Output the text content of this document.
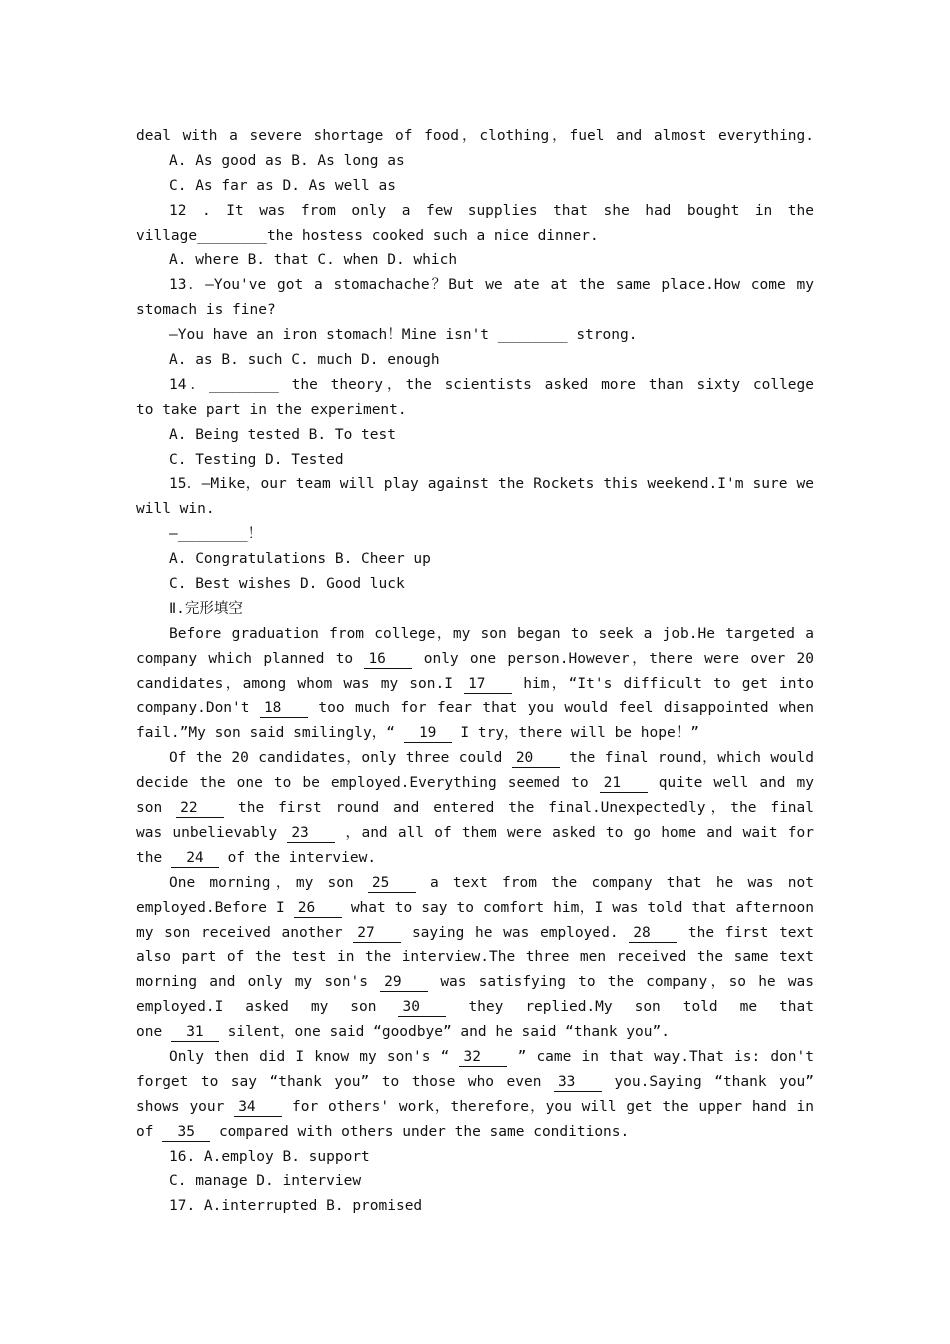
deal with a severe shortage of food，clothing，fuel and almost everything.
A. As good as B. As long as
C. As far as D. As well as
12 . It was from only a few supplies that she had bought in the
village________the hostess cooked such a nice dinner.
A. where B. that C. when D. which
13．—You've got a stomachache？But we ate at the same place.How come my
stomach is fine?
—You have an iron stomach！Mine isn't ________ strong.
A. as B. such C. much D. enough
14．________ the theory，the scientists asked more than sixty college
to take part in the experiment.
A. Being tested B. To test
C. Testing D. Tested
15．—Mike，our team will play against the Rockets this weekend.I'm sure we
will win.
—________！
A. Congratulations B. Cheer up
C. Best wishes D. Good luck
Ⅱ.完形填空
Before graduation from college，my son began to seek a job.He targeted a
company which planned to 16	only one person.However，there were over 20
candidates，among whom was my son.I 17	him，“It's difficult to get into
company.Don't 18	too much for fear that you would feel disappointed when
fail.”My son said smilingly，“ 19 I try，there will be hope！”
Of the 20 candidates，only three could 20 the final round，which would
decide the one to be employed.Everything seemed to 21	quite well and my
son 22	the first round and entered the final.Unexpectedly，the final
was unbelievably 23	，and all of them were asked to go home and wait for
the 24 of the interview.
One morning，my son 25	a text from the company that he was not
employed.Before I 26 what to say to comfort him，I was told that afternoon
my son received another 27	saying he was employed. 28	the first text
also part of the test in the interview.The three men received the same text
morning and only my son's 29	was satisfying to the company，so he was
employed.I asked my son 30	they replied.My son told me that
one 31 silent，one said “goodbye” and he said “thank you”.
Only then did I know my son's “ 32	” came in that way.That is: don't
forget to say “thank you” to those who even 33	you.Saying “thank you”
shows your 34	for others' work，therefore，you will get the upper hand in
of 35 compared with others under the same conditions.
16. A.employ B. support
C. manage D. interview
17. A.interrupted B. promised
